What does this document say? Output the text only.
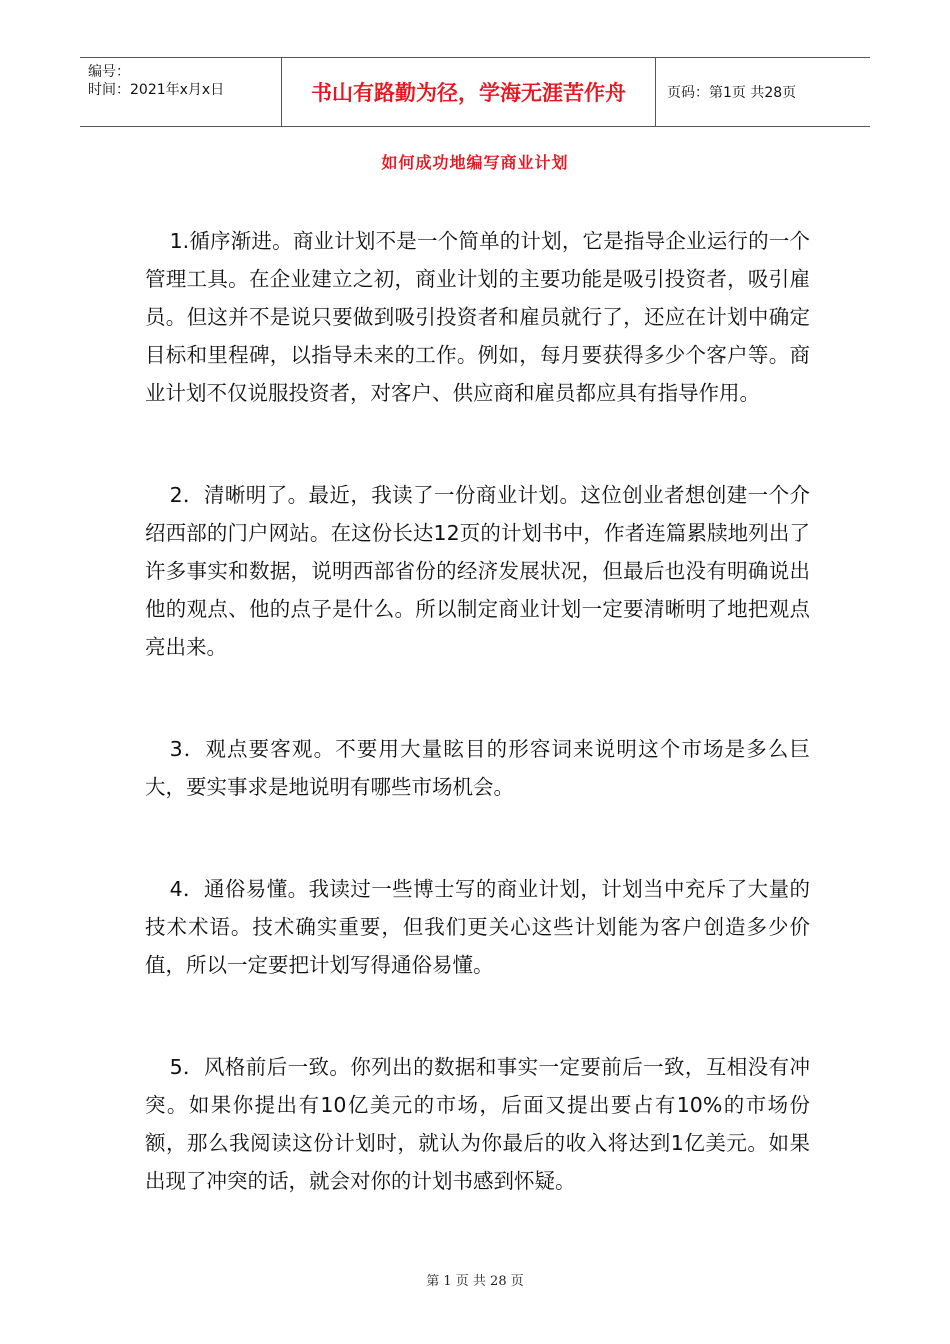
编号：
时间：2021年x月x日	书山有路勤为径，学海无涯苦作舟	页码：第1页 共28页
如何成功地编写商业计划

1.循序渐进。商业计划不是一个简单的计划，它是指导企业运行的一个管理工具。在企业建立之初，商业计划的主要功能是吸引投资者，吸引雇员。但这并不是说只要做到吸引投资者和雇员就行了，还应在计划中确定目标和里程碑，以指导未来的工作。例如，每月要获得多少个客户等。商业计划不仅说服投资者，对客户、供应商和雇员都应具有指导作用。

2．清晰明了。最近，我读了一份商业计划。这位创业者想创建一个介绍西部的门户网站。在这份长达12页的计划书中，作者连篇累牍地列出了许多事实和数据，说明西部省份的经济发展状况，但最后也没有明确说出他的观点、他的点子是什么。所以制定商业计划一定要清晰明了地把观点亮出来。

3．观点要客观。不要用大量眩目的形容词来说明这个市场是多么巨大，要实事求是地说明有哪些市场机会。

4．通俗易懂。我读过一些博士写的商业计划，计划当中充斥了大量的技术术语。技术确实重要，但我们更关心这些计划能为客户创造多少价值，所以一定要把计划写得通俗易懂。

5．风格前后一致。你列出的数据和事实一定要前后一致，互相没有冲突。如果你提出有10亿美元的市场，后面又提出要占有10%的市场份额，那么我阅读这份计划时，就认为你最后的收入将达到1亿美元。如果出现了冲突的话，就会对你的计划书感到怀疑。

第 1 页 共 28 页
